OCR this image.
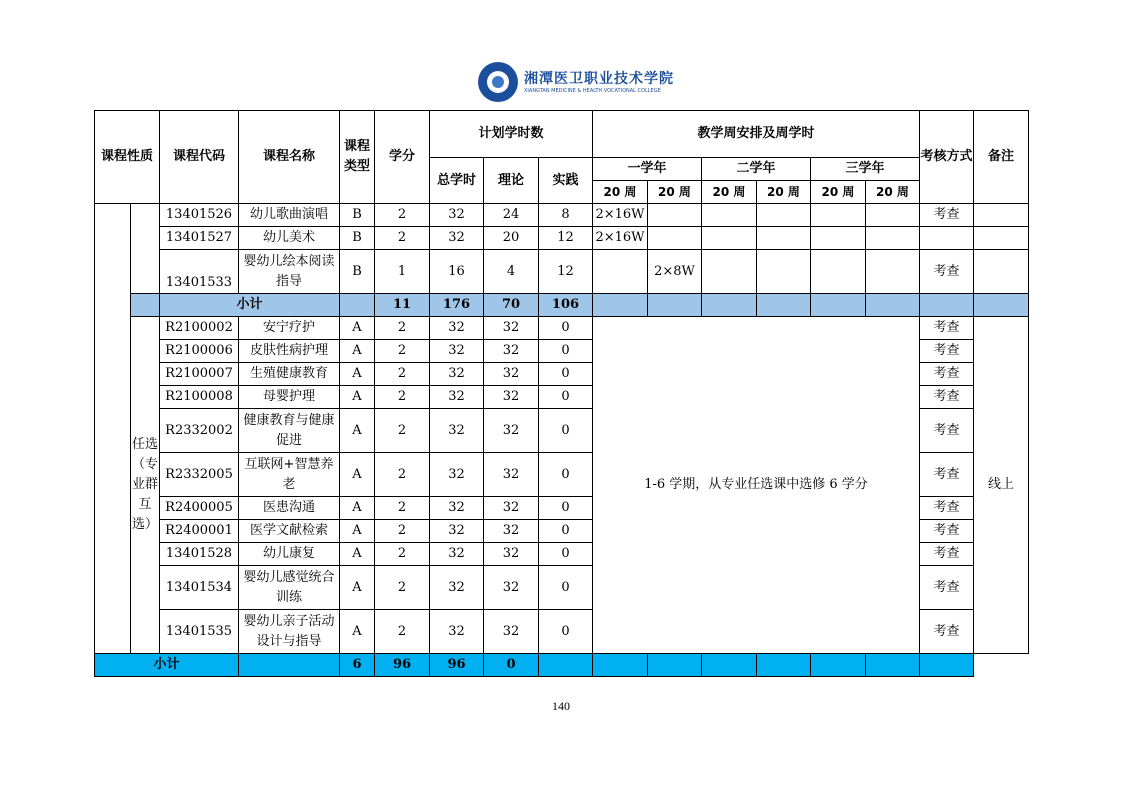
湘潭医卫职业技术学院
XIANGTAN MEDICINE & HEALTH VOCATIONAL COLLEGE
课程性质		课程代码	课程名称	课程类型	学分	计划学时数			教学周安排及周学时						考核方式	备注
						总学时	理论	实践	一学年		二学年		三学年			
									20 周	20 周	20 周	20 周	20 周	20 周		
		13401526	幼儿歌曲演唱	B	2	32	24	8	2×16W						考查	
		13401527	幼儿美术	B	2	32	20	12	2×16W							
		13401533	婴幼儿绘本阅读指导	B	1	16	4	12		2×8W					考查	
		小计			11	176	70	106								
	任选（专业群互选）	R2100002	安宁疗护	A	2	32	32	0	1-6 学期，从专业任选课中选修 6 学分						考查	线上
		R2100006	皮肤性病护理	A	2	32	32	0							考查	
		R2100007	生殖健康教育	A	2	32	32	0							考查	
		R2100008	母婴护理	A	2	32	32	0							考查	
		R2332002	健康教育与健康促进	A	2	32	32	0							考查	
		R2332005	互联网+智慧养老	A	2	32	32	0							考查	
		R2400005	医患沟通	A	2	32	32	0							考查	
		R2400001	医学文献检索	A	2	32	32	0							考查	
		13401528	幼儿康复	A	2	32	32	0							考查	
		13401534	婴幼儿感觉统合训练	A	2	32	32	0							考查	
		13401535	婴幼儿亲子活动设计与指导	A	2	32	32	0							考查	
小计				6	96	96	0									
140
